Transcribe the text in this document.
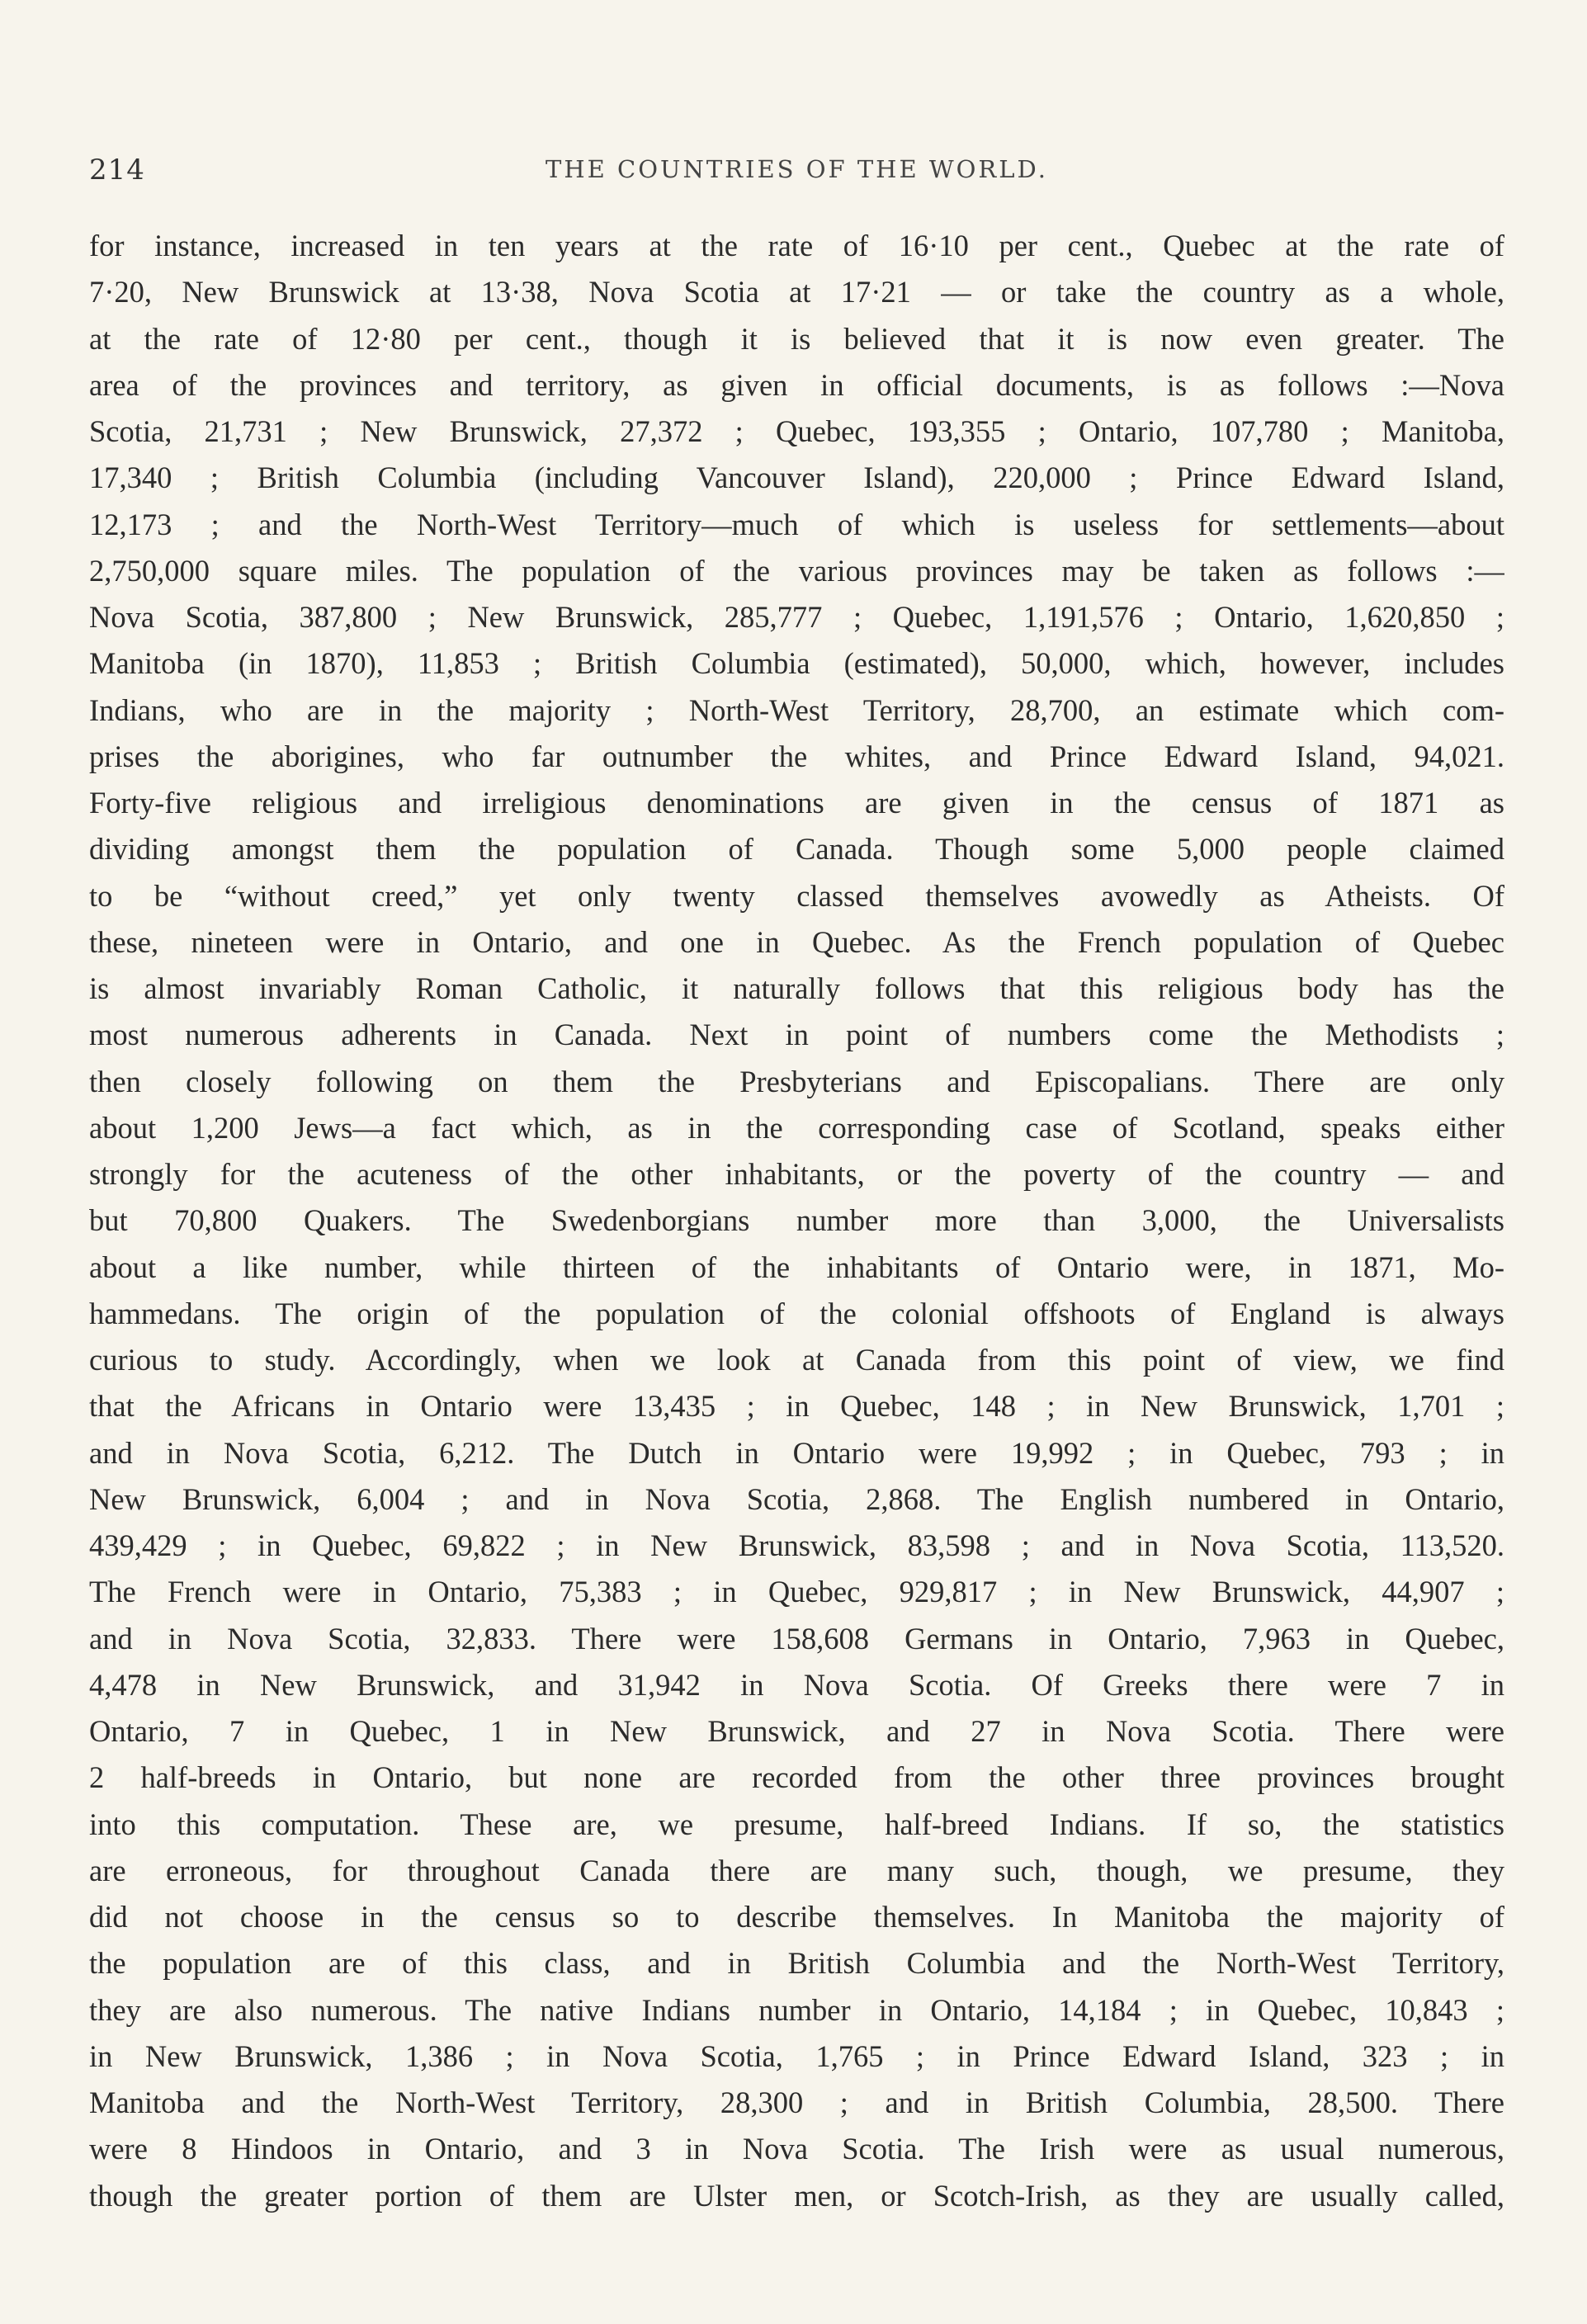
214	THE COUNTRIES OF THE WORLD.
for instance, increased in ten years at the rate of 16·10 per cent., Quebec at the rate of
7·20, New Brunswick at 13·38, Nova Scotia at 17·21 — or take the country as a whole,
at the rate of 12·80 per cent., though it is believed that it is now even greater. The
area of the provinces and territory, as given in official documents, is as follows :—Nova
Scotia, 21,731 ; New Brunswick, 27,372 ; Quebec, 193,355 ; Ontario, 107,780 ; Manitoba,
17,340 ; British Columbia (including Vancouver Island), 220,000 ; Prince Edward Island,
12,173 ; and the North-West Territory—much of which is useless for settlements—about
2,750,000 square miles. The population of the various provinces may be taken as follows :—
Nova Scotia, 387,800 ; New Brunswick, 285,777 ; Quebec, 1,191,576 ; Ontario, 1,620,850 ;
Manitoba (in 1870), 11,853 ; British Columbia (estimated), 50,000, which, however, includes
Indians, who are in the majority ; North-West Territory, 28,700, an estimate which com-
prises the aborigines, who far outnumber the whites, and Prince Edward Island, 94,021.
Forty-five religious and irreligious denominations are given in the census of 1871 as
dividing amongst them the population of Canada. Though some 5,000 people claimed
to be “without creed,” yet only twenty classed themselves avowedly as Atheists. Of
these, nineteen were in Ontario, and one in Quebec. As the French population of Quebec
is almost invariably Roman Catholic, it naturally follows that this religious body has the
most numerous adherents in Canada. Next in point of numbers come the Methodists ;
then closely following on them the Presbyterians and Episcopalians. There are only
about 1,200 Jews—a fact which, as in the corresponding case of Scotland, speaks either
strongly for the acuteness of the other inhabitants, or the poverty of the country — and
but 70,800 Quakers. The Swedenborgians number more than 3,000, the Universalists
about a like number, while thirteen of the inhabitants of Ontario were, in 1871, Mo-
hammedans. The origin of the population of the colonial offshoots of England is always
curious to study. Accordingly, when we look at Canada from this point of view, we find
that the Africans in Ontario were 13,435 ; in Quebec, 148 ; in New Brunswick, 1,701 ;
and in Nova Scotia, 6,212. The Dutch in Ontario were 19,992 ; in Quebec, 793 ; in
New Brunswick, 6,004 ; and in Nova Scotia, 2,868. The English numbered in Ontario,
439,429 ; in Quebec, 69,822 ; in New Brunswick, 83,598 ; and in Nova Scotia, 113,520.
The French were in Ontario, 75,383 ; in Quebec, 929,817 ; in New Brunswick, 44,907 ;
and in Nova Scotia, 32,833. There were 158,608 Germans in Ontario, 7,963 in Quebec,
4,478 in New Brunswick, and 31,942 in Nova Scotia. Of Greeks there were 7 in
Ontario, 7 in Quebec, 1 in New Brunswick, and 27 in Nova Scotia. There were
2 half-breeds in Ontario, but none are recorded from the other three provinces brought
into this computation. These are, we presume, half-breed Indians. If so, the statistics
are erroneous, for throughout Canada there are many such, though, we presume, they
did not choose in the census so to describe themselves. In Manitoba the majority of
the population are of this class, and in British Columbia and the North-West Territory,
they are also numerous. The native Indians number in Ontario, 14,184 ; in Quebec, 10,843 ;
in New Brunswick, 1,386 ; in Nova Scotia, 1,765 ; in Prince Edward Island, 323 ; in
Manitoba and the North-West Territory, 28,300 ; and in British Columbia, 28,500. There
were 8 Hindoos in Ontario, and 3 in Nova Scotia. The Irish were as usual numerous,
though the greater portion of them are Ulster men, or Scotch-Irish, as they are usually called,
